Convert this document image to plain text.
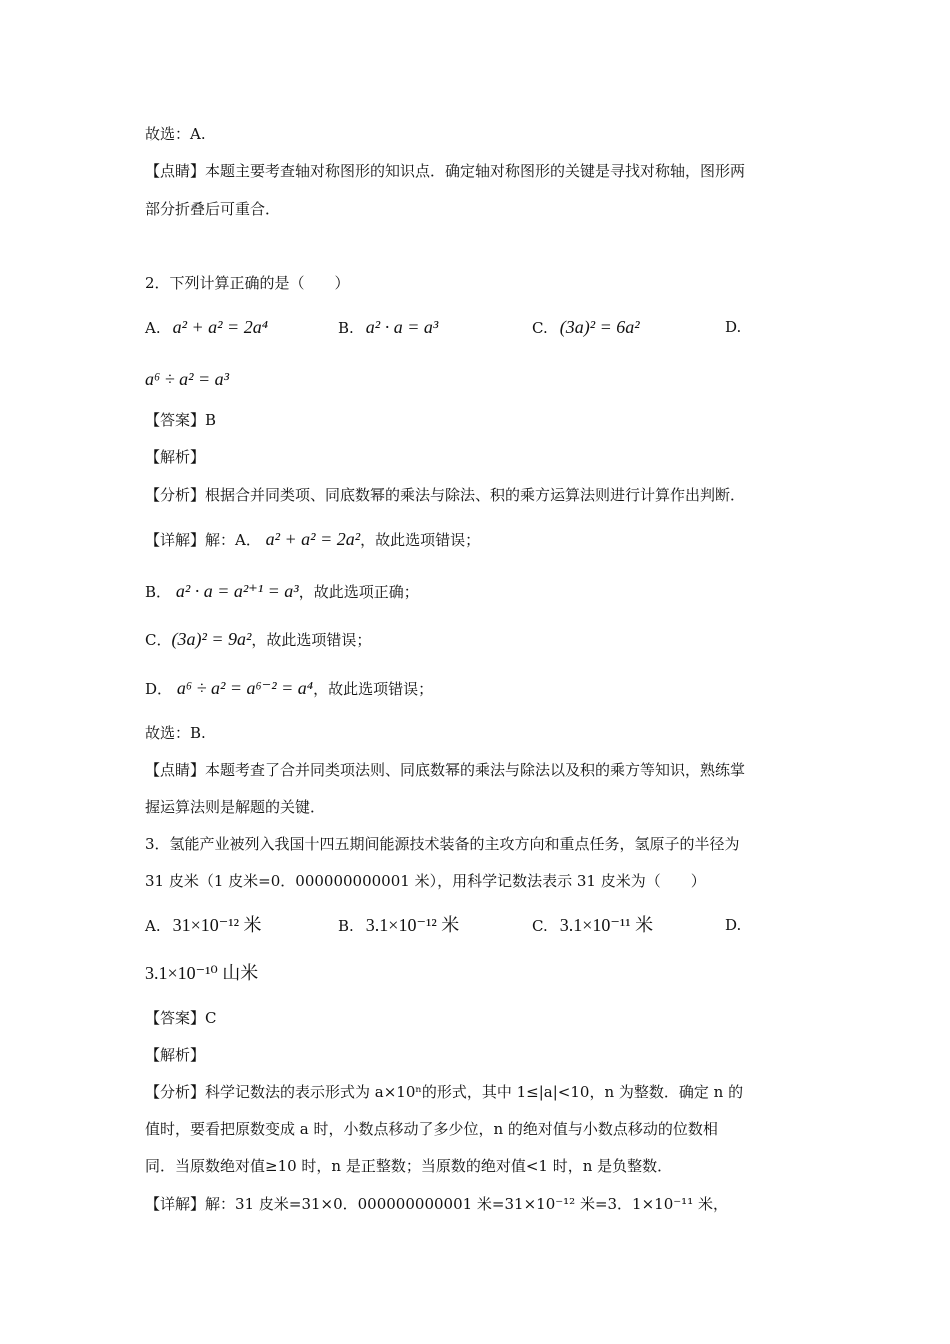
故选：A.
【点睛】本题主要考查轴对称图形的知识点．确定轴对称图形的关键是寻找对称轴，图形两
部分折叠后可重合．
2．下列计算正确的是（　　）
A. a² + a² = 2a⁴	B. a² · a = a³	C. (3a)² = 6a²	D.
a⁶ ÷ a² = a³
【答案】B
【解析】
【分析】根据合并同类项、同底数幂的乘法与除法、积的乘方运算法则进行计算作出判断．
【详解】解：A． a² + a² = 2a²，故此选项错误；
B． a² · a = a²⁺¹ = a³，故此选项正确；
C．(3a)² = 9a²，故此选项错误；
D． a⁶ ÷ a² = a⁶⁻² = a⁴，故此选项错误；
故选：B.
【点睛】本题考查了合并同类项法则、同底数幂的乘法与除法以及积的乘方等知识，熟练掌
握运算法则是解题的关键．
3．氢能产业被列入我国十四五期间能源技术装备的主攻方向和重点任务，氢原子的半径为
31 皮米（1 皮米=0．000000000001 米），用科学记数法表示 31 皮米为（　　）
A. 31×10⁻¹² 米	B. 3.1×10⁻¹² 米	C. 3.1×10⁻¹¹ 米	D.
3.1×10⁻¹⁰ 山米
【答案】C
【解析】
【分析】科学记数法的表示形式为 a×10ⁿ的形式，其中 1≤|a|<10，n 为整数．确定 n 的
值时，要看把原数变成 a 时，小数点移动了多少位，n 的绝对值与小数点移动的位数相
同．当原数绝对值≥10 时，n 是正整数；当原数的绝对值<1 时，n 是负整数．
【详解】解：31 皮米=31×0．000000000001 米=31×10⁻¹² 米=3．1×10⁻¹¹ 米，
